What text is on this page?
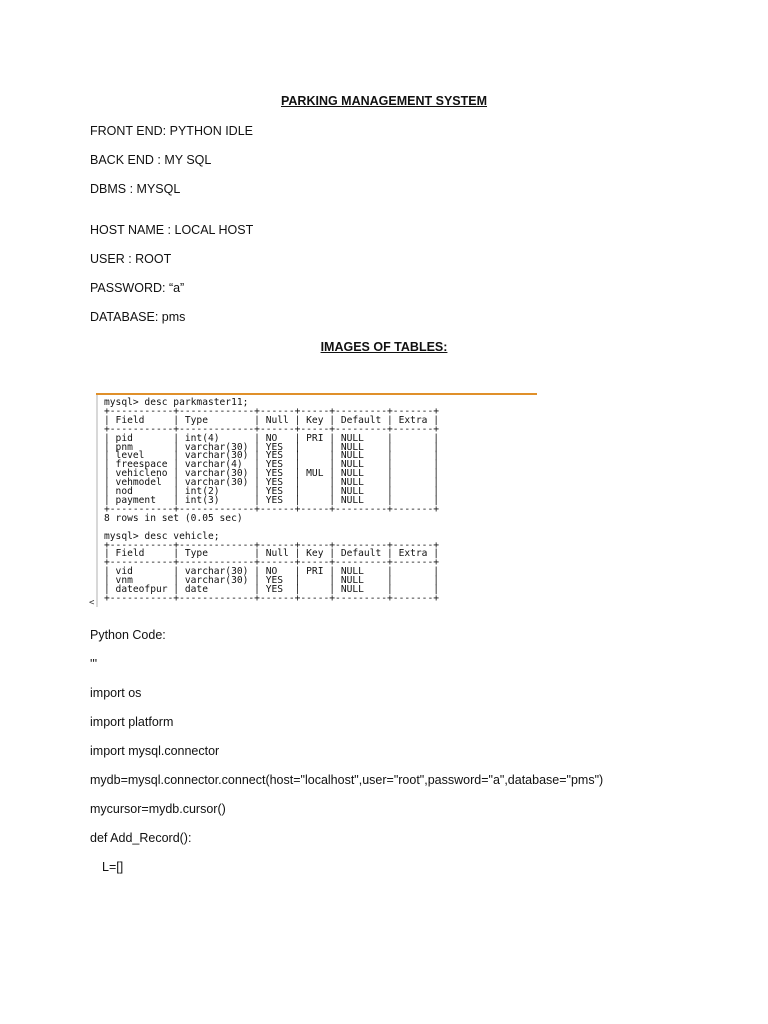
PARKING MANAGEMENT SYSTEM
FRONT END: PYTHON IDLE
BACK END : MY SQL
DBMS : MYSQL
HOST NAME : LOCAL HOST
USER : ROOT
PASSWORD: “a”
DATABASE: pms
IMAGES OF TABLES:
mysql> desc parkmaster11;
+-----------+-------------+------+-----+---------+-------+
| Field     | Type        | Null | Key | Default | Extra |
+-----------+-------------+------+-----+---------+-------+
| pid       | int(4)      | NO   | PRI | NULL    |       |
| pnm       | varchar(30) | YES  |     | NULL    |       |
| level     | varchar(30) | YES  |     | NULL    |       |
| freespace | varchar(4)  | YES  |     | NULL    |       |
| vehicleno | varchar(30) | YES  | MUL | NULL    |       |
| vehmodel  | varchar(30) | YES  |     | NULL    |       |
| nod       | int(2)      | YES  |     | NULL    |       |
| payment   | int(3)      | YES  |     | NULL    |       |
+-----------+-------------+------+-----+---------+-------+
8 rows in set (0.05 sec)

mysql> desc vehicle;
+-----------+-------------+------+-----+---------+-------+
| Field     | Type        | Null | Key | Default | Extra |
+-----------+-------------+------+-----+---------+-------+
| vid       | varchar(30) | NO   | PRI | NULL    |       |
| vnm       | varchar(30) | YES  |     | NULL    |       |
| dateofpur | date        | YES  |     | NULL    |       |
+-----------+-------------+------+-----+---------+-------+
<
Python Code:
'''
import os
import platform
import mysql.connector
mydb=mysql.connector.connect(host="localhost",user="root",password="a",database="pms")
mycursor=mydb.cursor()
def Add_Record():
L=[]
